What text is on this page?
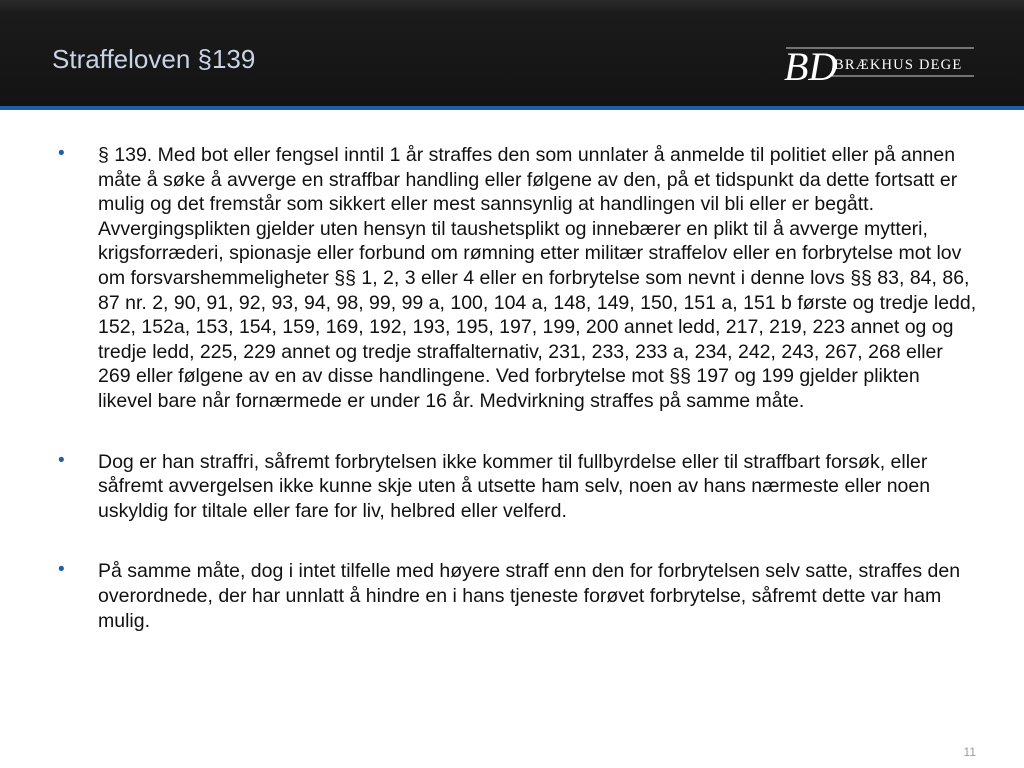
Straffeloven §139	BD
BRÆKHUS DEGE
• § 139. Med bot eller fengsel inntil 1 år straffes den som unnlater å anmelde til politiet eller på annen måte å søke å avverge en straffbar handling eller følgene av den, på et tidspunkt da dette fortsatt er mulig og det fremstår som sikkert eller mest sannsynlig at handlingen vil bli eller er begått. Avvergingsplikten gjelder uten hensyn til taushetsplikt og innebærer en plikt til å avverge mytteri, krigsforræderi, spionasje eller forbund om rømning etter militær straffelov eller en forbrytelse mot lov om forsvarshemmeligheter §§ 1, 2, 3 eller 4 eller en forbrytelse som nevnt i denne lovs §§ 83, 84, 86, 87 nr. 2, 90, 91, 92, 93, 94, 98, 99, 99 a, 100, 104 a, 148, 149, 150, 151 a, 151 b første og tredje ledd, 152, 152a, 153, 154, 159, 169, 192, 193, 195, 197, 199, 200 annet ledd, 217, 219, 223 annet og og tredje ledd, 225, 229 annet og tredje straffalternativ, 231, 233, 233 a, 234, 242, 243, 267, 268 eller 269 eller følgene av en av disse handlingene. Ved forbrytelse mot §§ 197 og 199 gjelder plikten likevel bare når fornærmede er under 16 år. Medvirkning straffes på samme måte.
• Dog er han straffri, såfremt forbrytelsen ikke kommer til fullbyrdelse eller til straffbart forsøk, eller såfremt avvergelsen ikke kunne skje uten å utsette ham selv, noen av hans nærmeste eller noen uskyldig for tiltale eller fare for liv, helbred eller velferd.
• På samme måte, dog i intet tilfelle med høyere straff enn den for forbrytelsen selv satte, straffes den overordnede, der har unnlatt å hindre en i hans tjeneste forøvet forbrytelse, såfremt dette var ham mulig.
11
